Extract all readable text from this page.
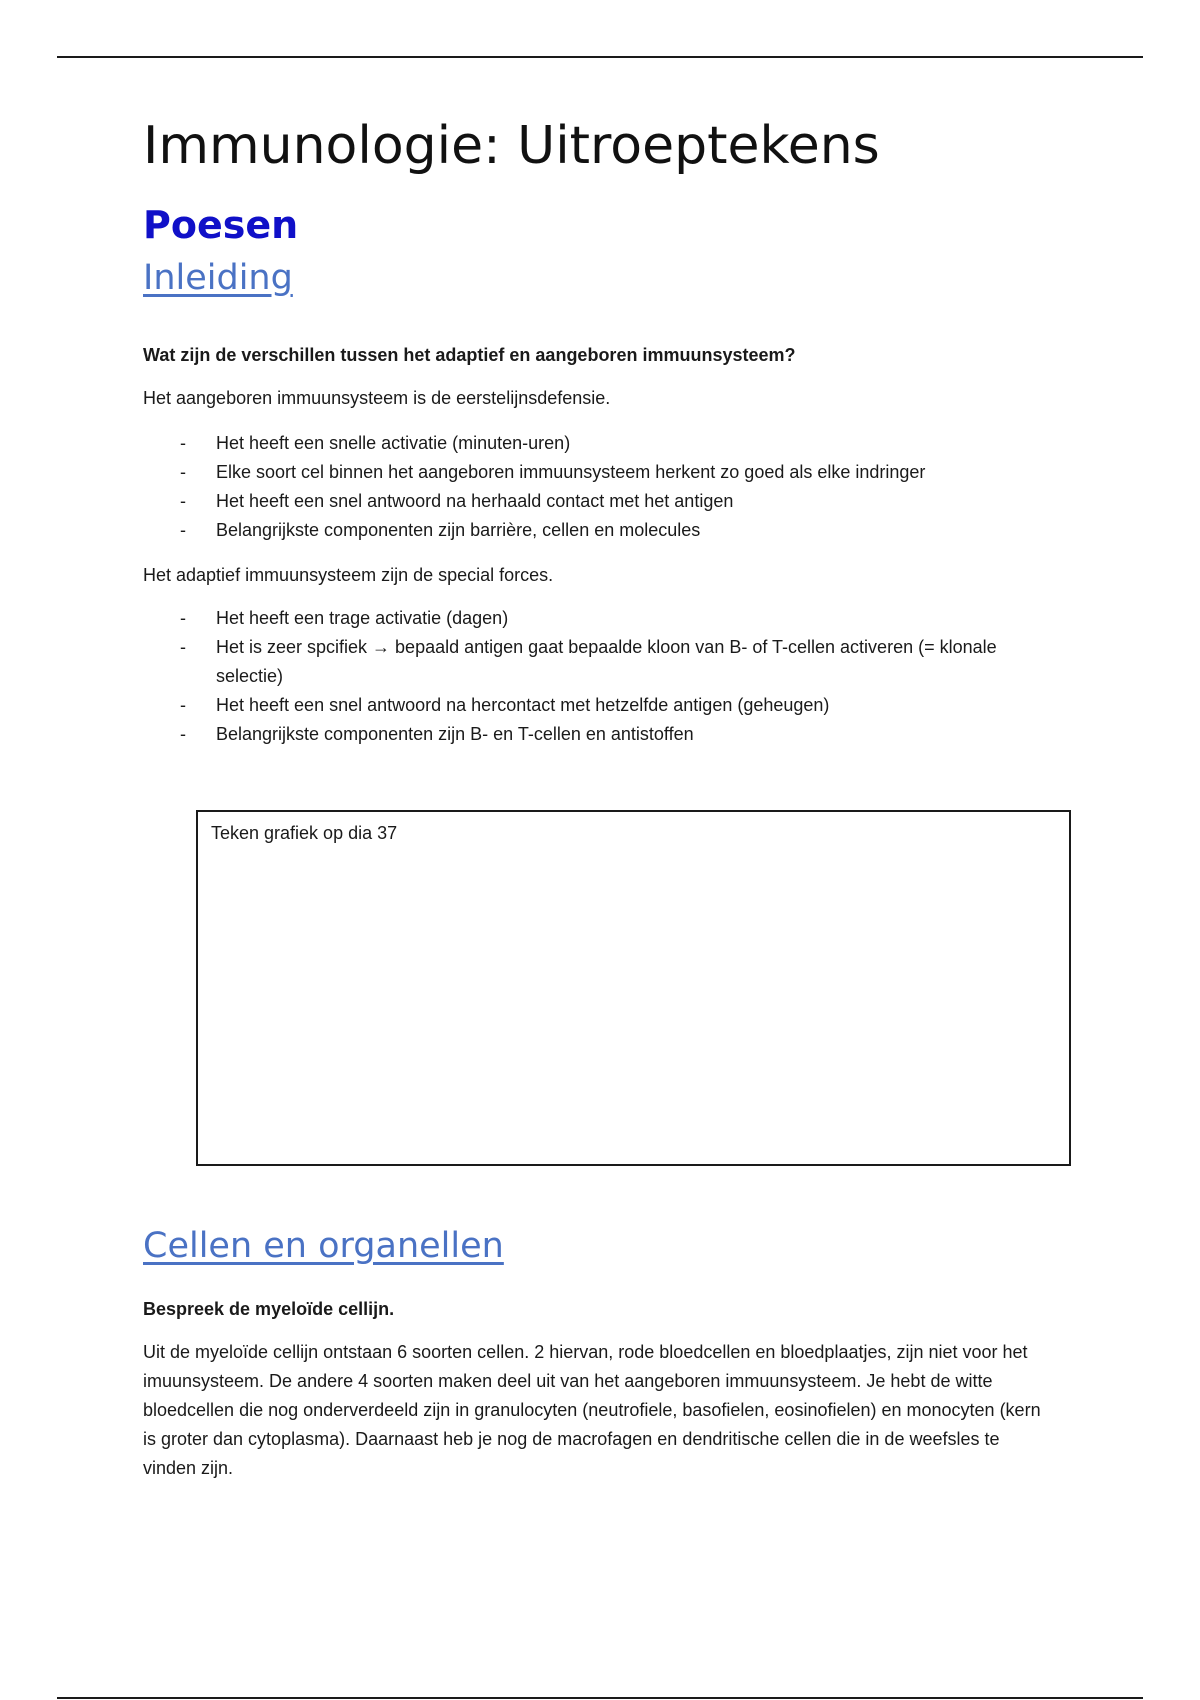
Immunologie: Uitroeptekens
Poesen
Inleiding

Wat zijn de verschillen tussen het adaptief en aangeboren immuunsysteem?

Het aangeboren immuunsysteem is de eerstelijnsdefensie.

- Het heeft een snelle activatie (minuten-uren)
- Elke soort cel binnen het aangeboren immuunsysteem herkent zo goed als elke indringer
- Het heeft een snel antwoord na herhaald contact met het antigen
- Belangrijkste componenten zijn barrière, cellen en molecules

Het adaptief immuunsysteem zijn de special forces.

- Het heeft een trage activatie (dagen)
- Het is zeer spcifiek → bepaald antigen gaat bepaalde kloon van B- of T-cellen activeren (= klonale selectie)
- Het heeft een snel antwoord na hercontact met hetzelfde antigen (geheugen)
- Belangrijkste componenten zijn B- en T-cellen en antistoffen
Teken grafiek op dia 37
Cellen en organellen

Bespreek de myeloïde cellijn.

Uit de myeloïde cellijn ontstaan 6 soorten cellen. 2 hiervan, rode bloedcellen en bloedplaatjes, zijn niet voor het imuunsysteem. De andere 4 soorten maken deel uit van het aangeboren immuunsysteem. Je hebt de witte bloedcellen die nog onderverdeeld zijn in granulocyten (neutrofiele, basofielen, eosinofielen) en monocyten (kern is groter dan cytoplasma). Daarnaast heb je nog de macrofagen en dendritische cellen die in de weefsles te vinden zijn.
